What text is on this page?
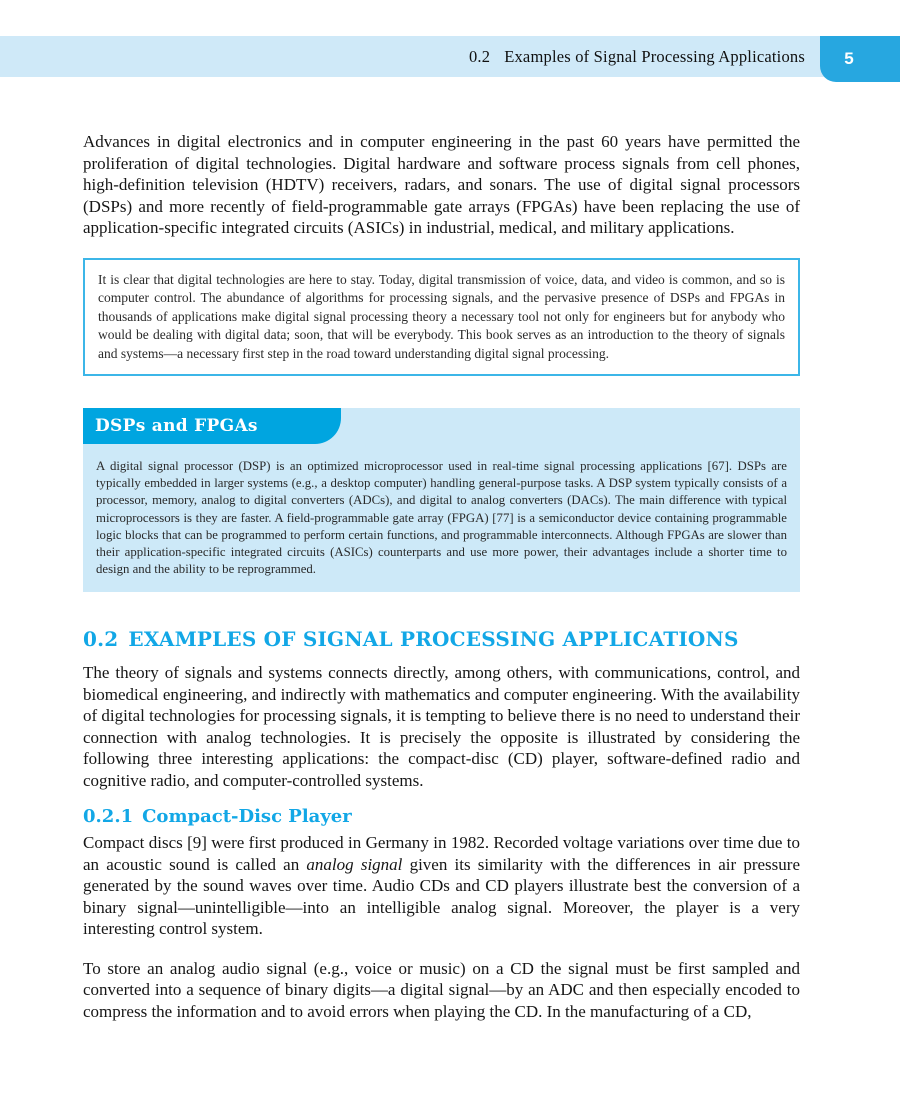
0.2 Examples of Signal Processing Applications 5

Advances in digital electronics and in computer engineering in the past 60 years have permitted the proliferation of digital technologies. Digital hardware and software process signals from cell phones, high-definition television (HDTV) receivers, radars, and sonars. The use of digital signal processors (DSPs) and more recently of field-programmable gate arrays (FPGAs) have been replacing the use of application-specific integrated circuits (ASICs) in industrial, medical, and military applications.

It is clear that digital technologies are here to stay. Today, digital transmission of voice, data, and video is common, and so is computer control. The abundance of algorithms for processing signals, and the pervasive presence of DSPs and FPGAs in thousands of applications make digital signal processing theory a necessary tool not only for engineers but for anybody who would be dealing with digital data; soon, that will be everybody. This book serves as an introduction to the theory of signals and systems—a necessary first step in the road toward understanding digital signal processing.

DSPs and FPGAs

A digital signal processor (DSP) is an optimized microprocessor used in real-time signal processing applications [67]. DSPs are typically embedded in larger systems (e.g., a desktop computer) handling general-purpose tasks. A DSP system typically consists of a processor, memory, analog to digital converters (ADCs), and digital to analog converters (DACs). The main difference with typical microprocessors is they are faster. A field-programmable gate array (FPGA) [77] is a semiconductor device containing programmable logic blocks that can be programmed to perform certain functions, and programmable interconnects. Although FPGAs are slower than their application-specific integrated circuits (ASICs) counterparts and use more power, their advantages include a shorter time to design and the ability to be reprogrammed.

0.2 EXAMPLES OF SIGNAL PROCESSING APPLICATIONS

The theory of signals and systems connects directly, among others, with communications, control, and biomedical engineering, and indirectly with mathematics and computer engineering. With the availability of digital technologies for processing signals, it is tempting to believe there is no need to understand their connection with analog technologies. It is precisely the opposite is illustrated by considering the following three interesting applications: the compact-disc (CD) player, software-defined radio and cognitive radio, and computer-controlled systems.

0.2.1 Compact-Disc Player

Compact discs [9] were first produced in Germany in 1982. Recorded voltage variations over time due to an acoustic sound is called an analog signal given its similarity with the differences in air pressure generated by the sound waves over time. Audio CDs and CD players illustrate best the conversion of a binary signal—unintelligible—into an intelligible analog signal. Moreover, the player is a very interesting control system.

To store an analog audio signal (e.g., voice or music) on a CD the signal must be first sampled and converted into a sequence of binary digits—a digital signal—by an ADC and then especially encoded to compress the information and to avoid errors when playing the CD. In the manufacturing of a CD,
